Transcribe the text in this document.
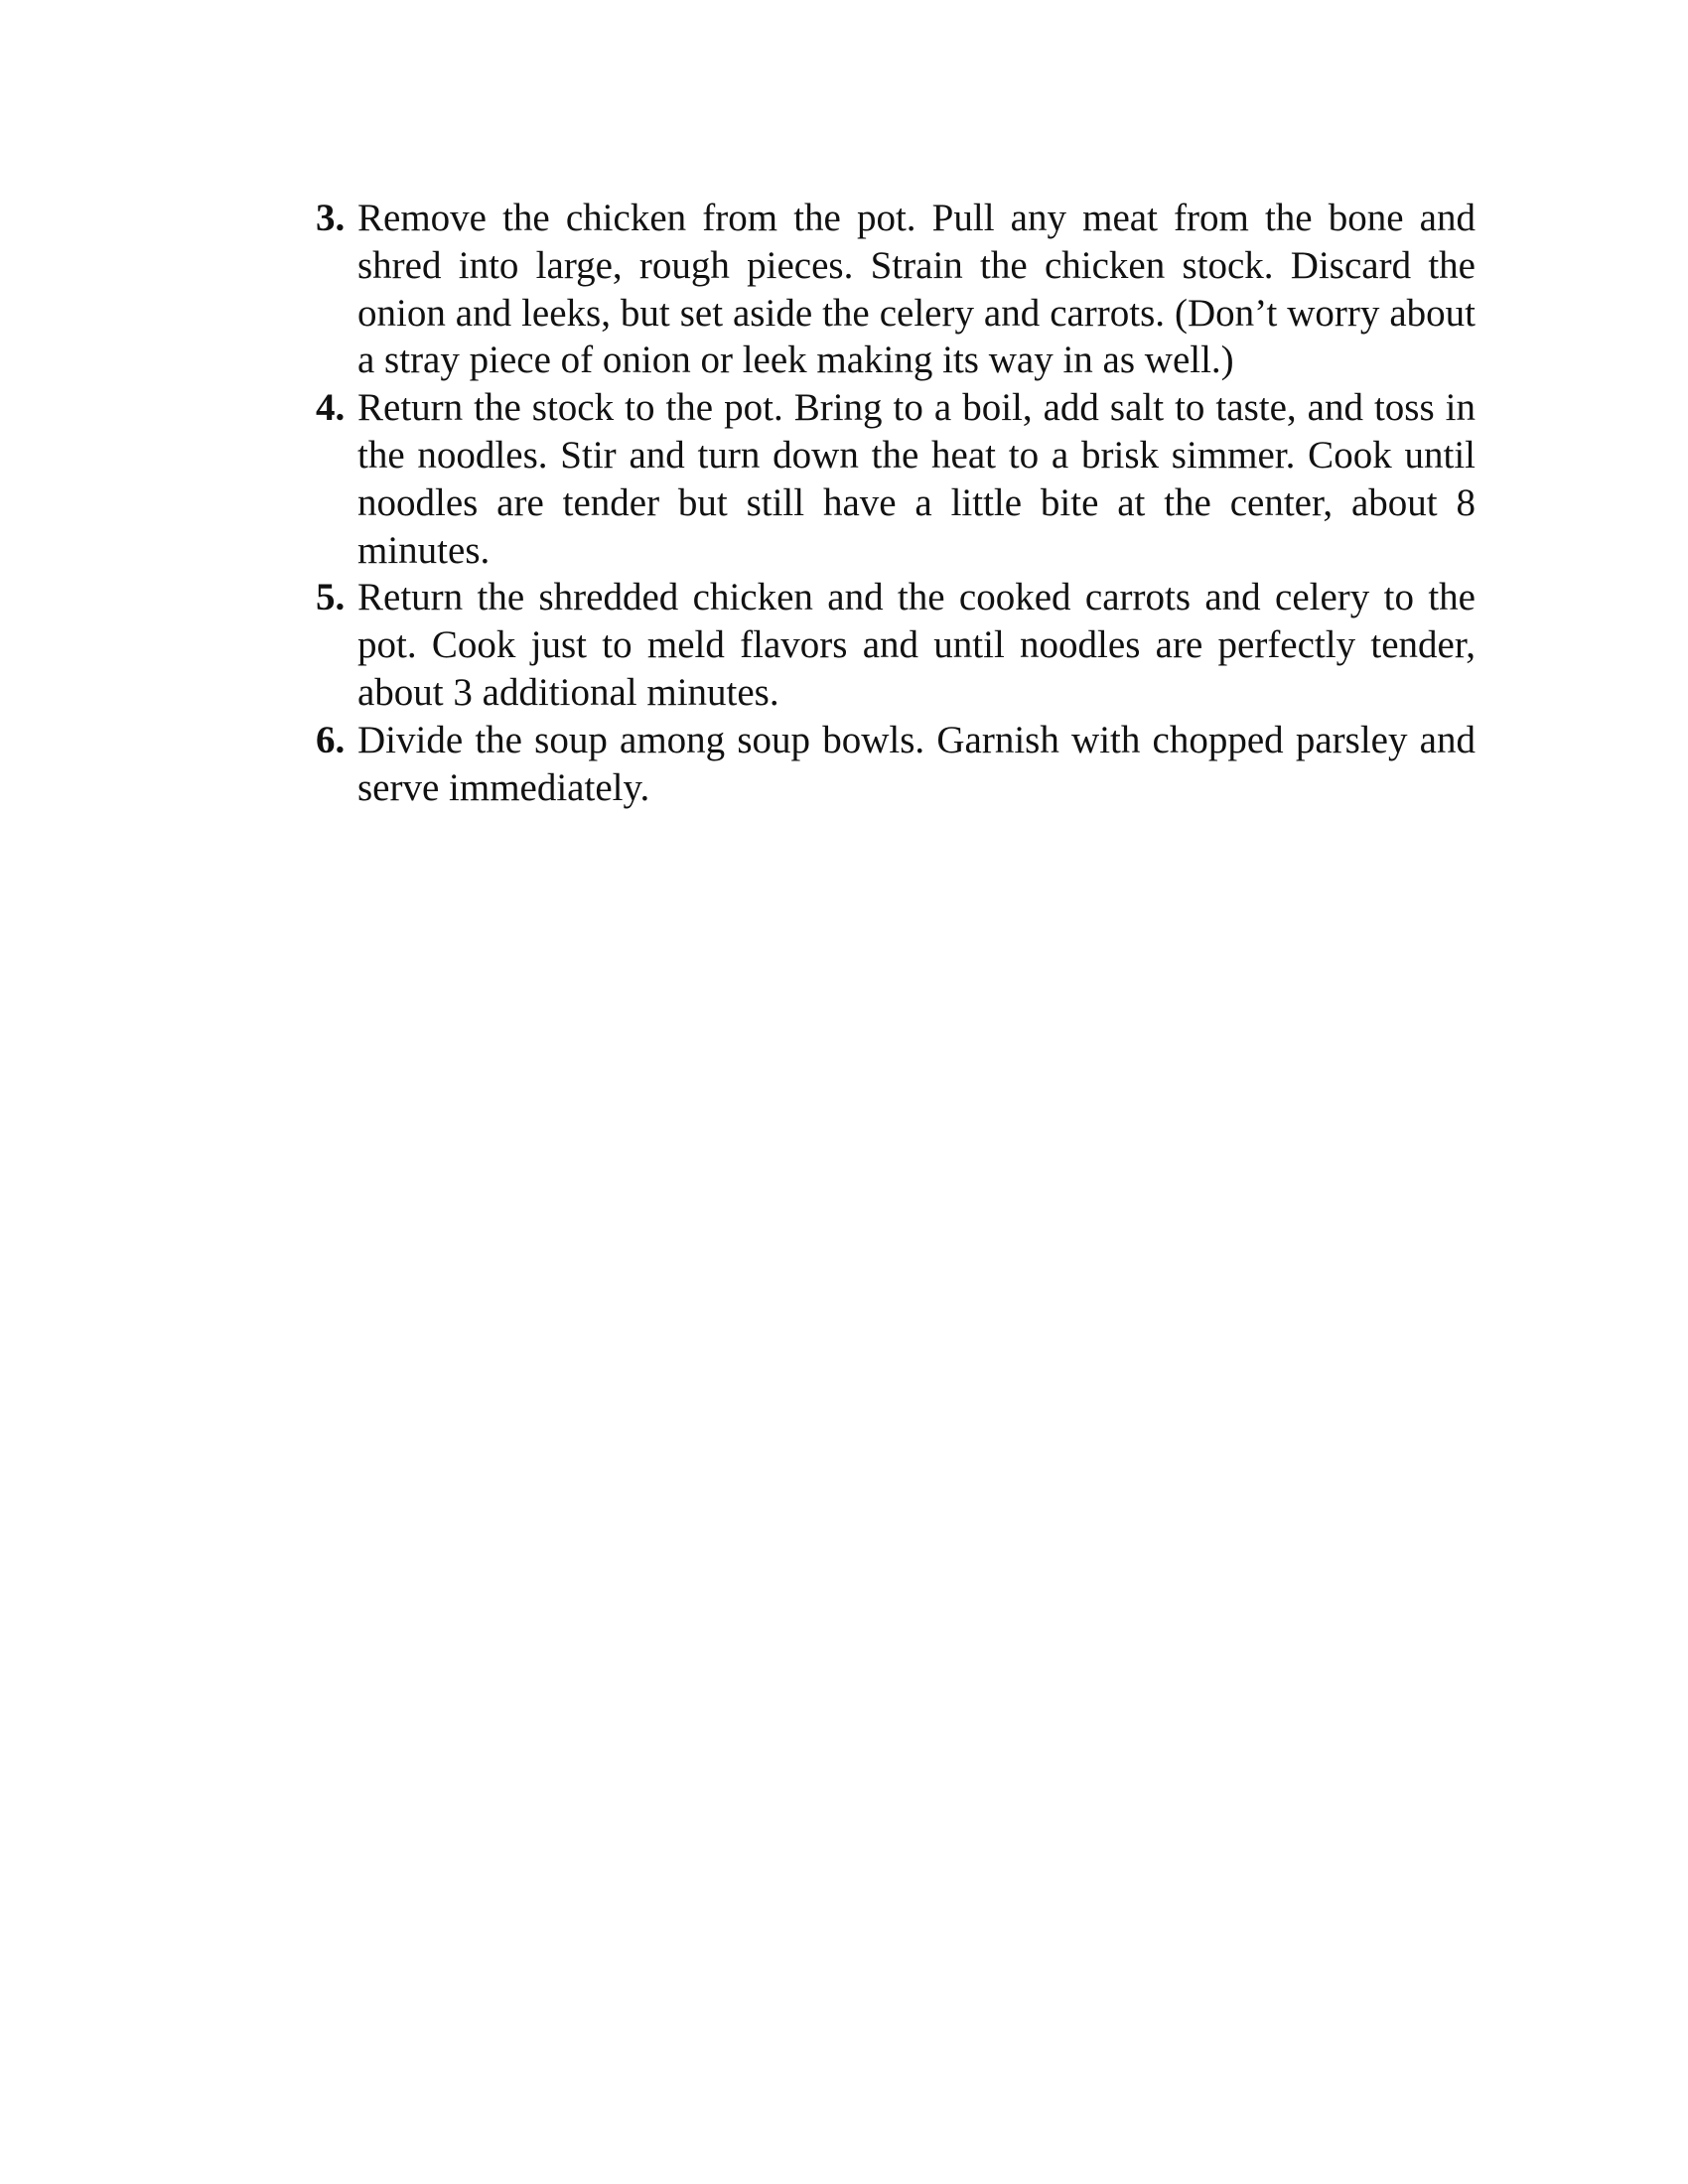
3. Remove the chicken from the pot. Pull any meat from the bone and shred into large, rough pieces. Strain the chicken stock. Discard the onion and leeks, but set aside the celery and carrots. (Don’t worry about a stray piece of onion or leek making its way in as well.)
4. Return the stock to the pot. Bring to a boil, add salt to taste, and toss in the noodles. Stir and turn down the heat to a brisk simmer. Cook until noodles are tender but still have a little bite at the center, about 8 minutes.
5. Return the shredded chicken and the cooked carrots and celery to the pot. Cook just to meld flavors and until noodles are perfectly tender, about 3 additional minutes.
6. Divide the soup among soup bowls. Garnish with chopped parsley and serve immediately.
